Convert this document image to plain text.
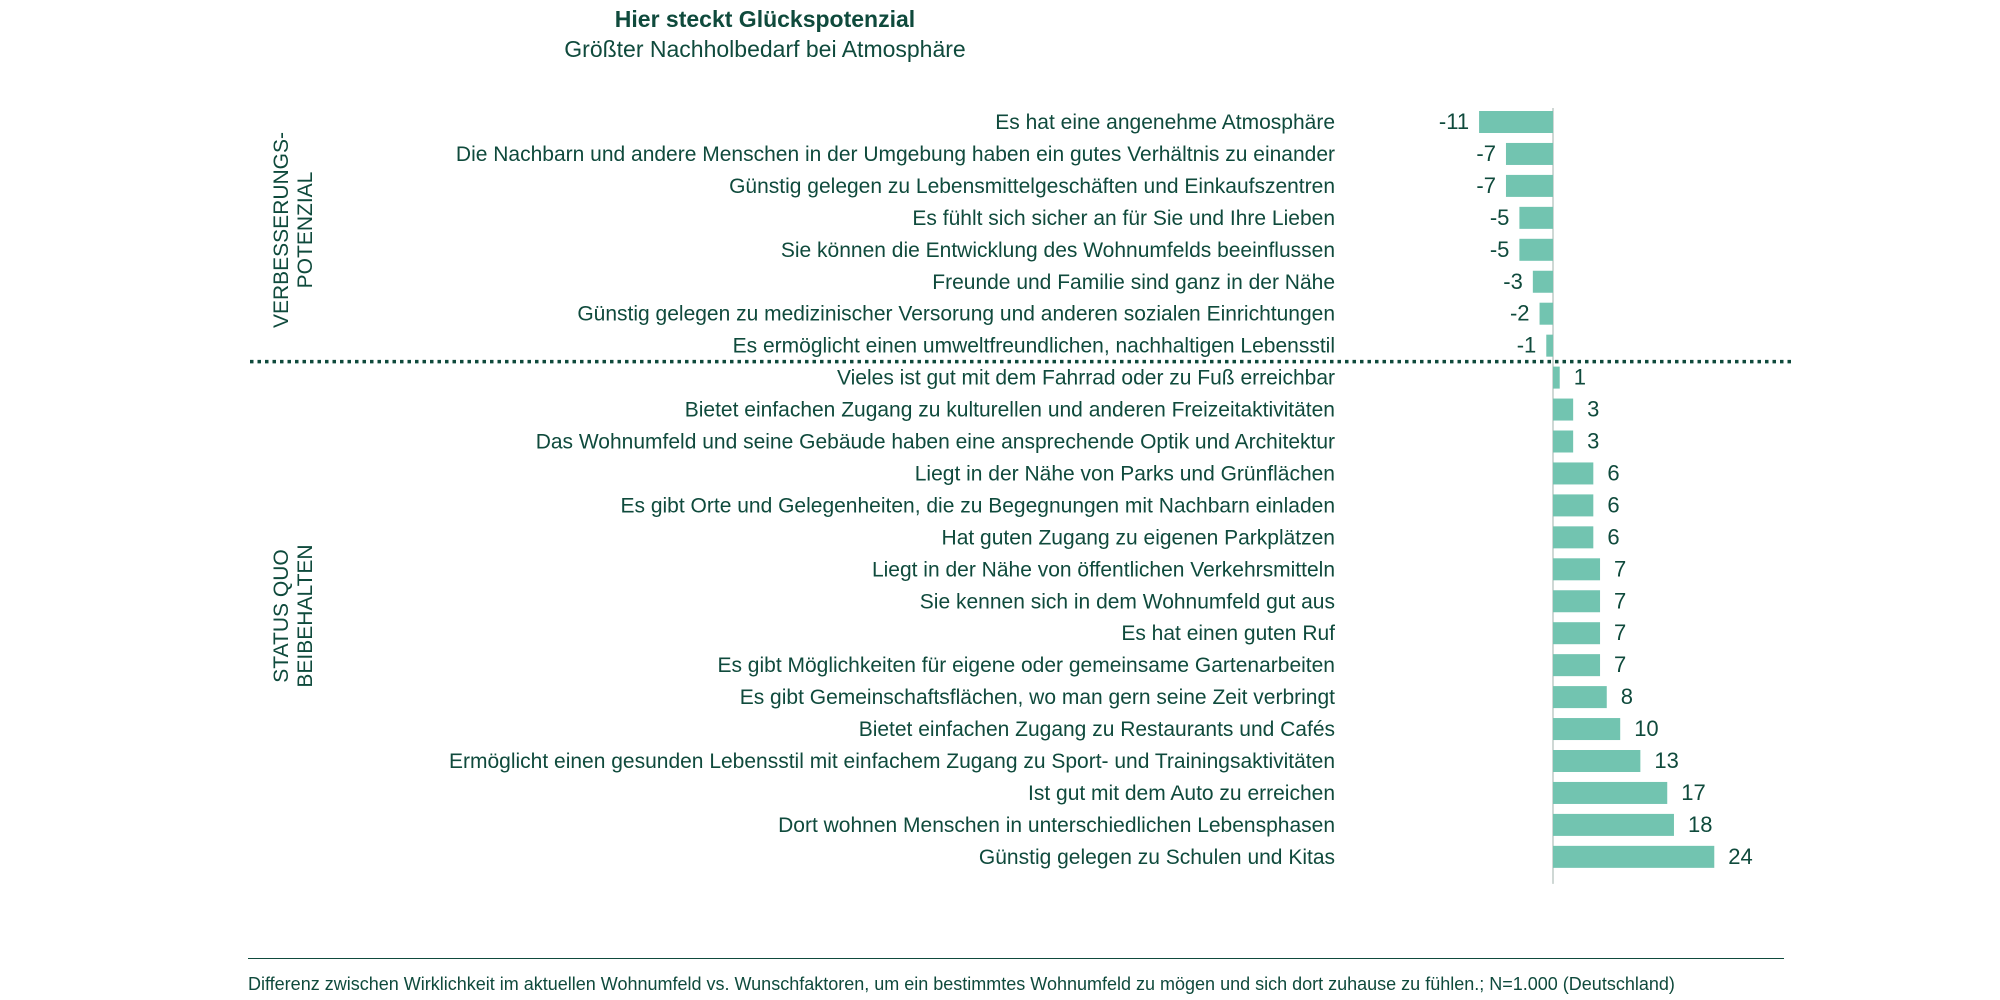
Hier steckt Glückspotenzial
Größter Nachholbedarf bei Atmosphäre
VERBESSERUNGS-
POTENZIAL
STATUS QUO
BEIBEHALTEN
Es hat eine angenehme Atmosphäre	-11
Die Nachbarn und andere Menschen in der Umgebung haben ein gutes Verhältnis zu einander	-7
Günstig gelegen zu Lebensmittelgeschäften und Einkaufszentren	-7
Es fühlt sich sicher an für Sie und Ihre Lieben	-5
Sie können die Entwicklung des Wohnumfelds beeinflussen	-5
Freunde und Familie sind ganz in der Nähe	-3
Günstig gelegen zu medizinischer Versorung und anderen sozialen Einrichtungen	-2
Es ermöglicht einen umweltfreundlichen, nachhaltigen Lebensstil	-1
Vieles ist gut mit dem Fahrrad oder zu Fuß erreichbar	1
Bietet einfachen Zugang zu kulturellen und anderen Freizeitaktivitäten	3
Das Wohnumfeld und seine Gebäude haben eine ansprechende Optik und Architektur	3
Liegt in der Nähe von Parks und Grünflächen	6
Es gibt Orte und Gelegenheiten, die zu Begegnungen mit Nachbarn einladen	6
Hat guten Zugang zu eigenen Parkplätzen	6
Liegt in der Nähe von öffentlichen Verkehrsmitteln	7
Sie kennen sich in dem Wohnumfeld gut aus	7
Es hat einen guten Ruf	7
Es gibt Möglichkeiten für eigene oder gemeinsame Gartenarbeiten	7
Es gibt Gemeinschaftsflächen, wo man gern seine Zeit verbringt	8
Bietet einfachen Zugang zu Restaurants und Cafés	10
Ermöglicht einen gesunden Lebensstil mit einfachem Zugang zu Sport- und Trainingsaktivitäten	13
Ist gut mit dem Auto zu erreichen	17
Dort wohnen Menschen in unterschiedlichen Lebensphasen	18
Günstig gelegen zu Schulen und Kitas	24
Differenz zwischen Wirklichkeit im aktuellen Wohnumfeld vs. Wunschfaktoren, um ein bestimmtes Wohnumfeld zu mögen und sich dort zuhause zu fühlen.; N=1.000 (Deutschland)
